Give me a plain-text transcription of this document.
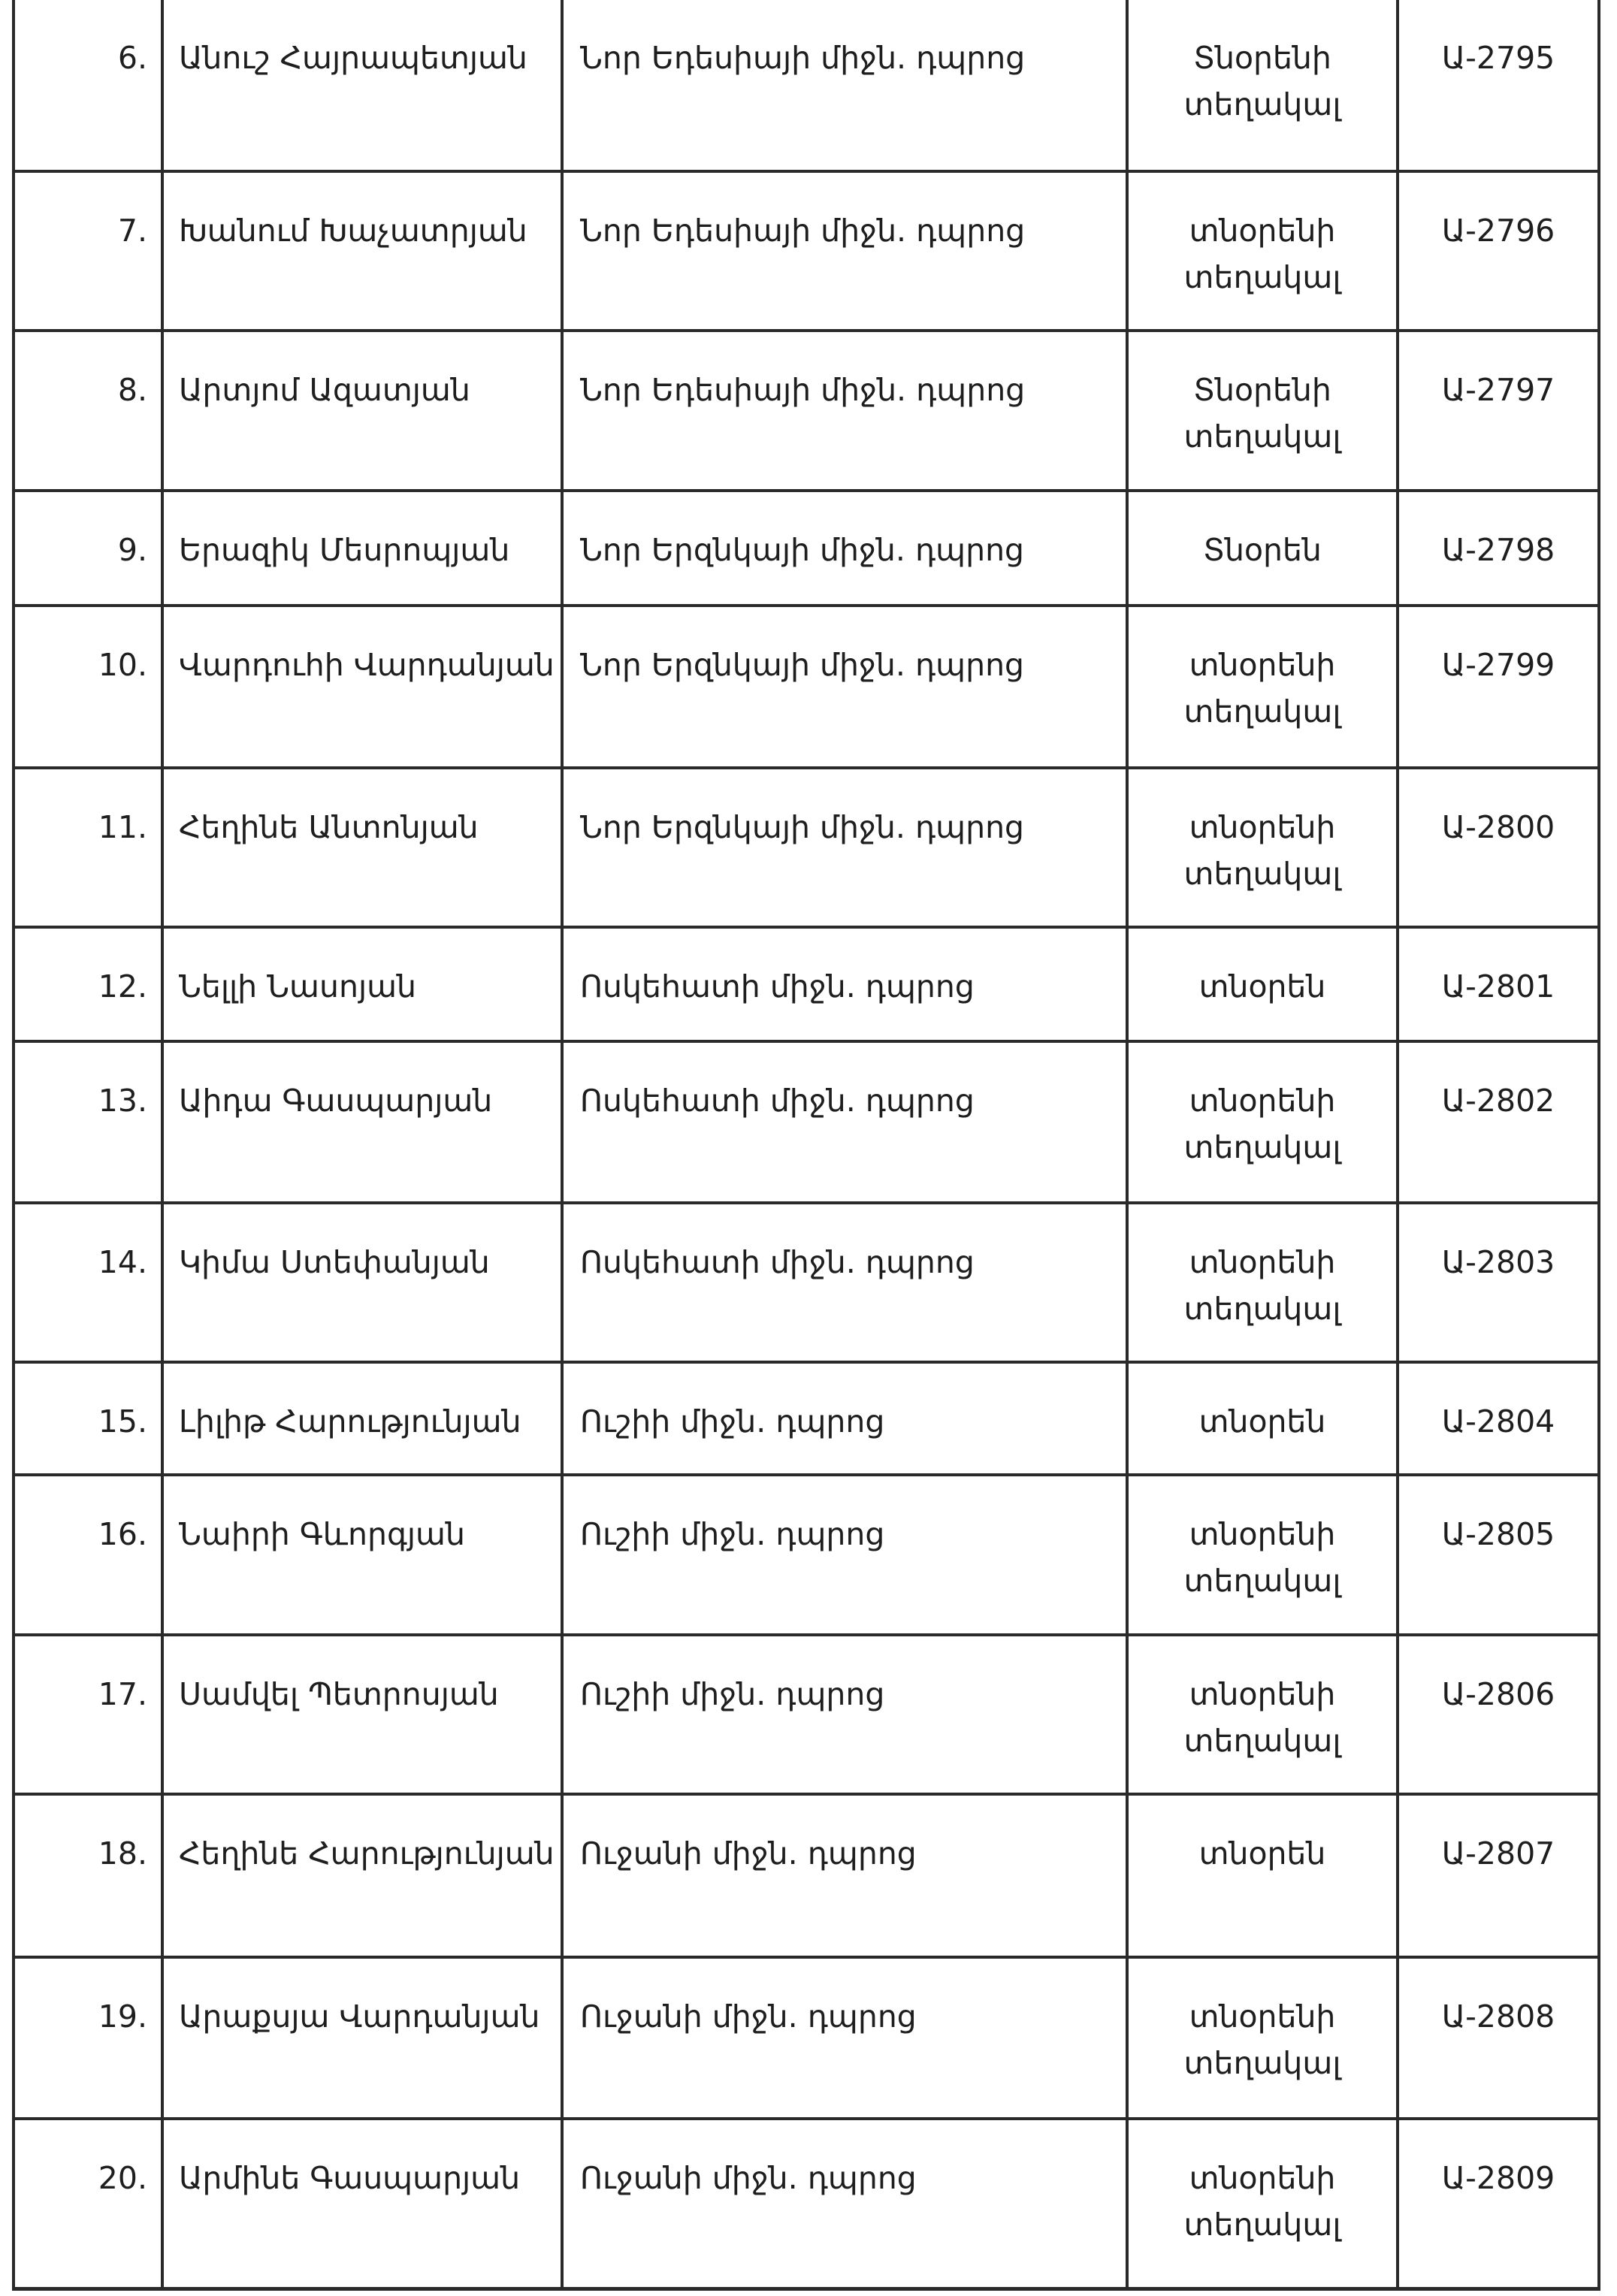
6.	Անուշ Հայրապետյան	Նոր Եդեսիայի միջն. դպրոց	Տնօրենի տեղակալ	Ա-2795
7.	Խանում Խաչատրյան	Նոր Եդեսիայի միջն. դպրոց	տնօրենի տեղակալ	Ա-2796
8.	Արտյոմ Ազատյան	Նոր Եդեսիայի միջն. դպրոց	Տնօրենի տեղակալ	Ա-2797
9.	Երազիկ Մեսրոպյան	Նոր Երզնկայի միջն. դպրոց	Տնօրեն	Ա-2798
10.	Վարդուհի Վարդանյան	Նոր Երզնկայի միջն. դպրոց	տնօրենի տեղակալ	Ա-2799
11.	Հեղինե Անտոնյան	Նոր Երզնկայի միջն. դպրոց	տնօրենի տեղակալ	Ա-2800
12.	Նելլի Նասոյան	Ոսկեհատի միջն. դպրոց	տնօրեն	Ա-2801
13.	Աիդա Գասպարյան	Ոսկեհատի միջն. դպրոց	տնօրենի տեղակալ	Ա-2802
14.	Կիմա Ստեփանյան	Ոսկեհատի միջն. դպրոց	տնօրենի տեղակալ	Ա-2803
15.	Լիլիթ Հարությունյան	Ուշիի միջն. դպրոց	տնօրեն	Ա-2804
16.	Նաիրի Գևորգյան	Ուշիի միջն. դպրոց	տնօրենի տեղակալ	Ա-2805
17.	Սամվել Պետրոսյան	Ուշիի միջն. դպրոց	տնօրենի տեղակալ	Ա-2806
18.	Հեղինե Հարությունյան	Ուջանի միջն. դպրոց	տնօրեն	Ա-2807
19.	Արաքսյա Վարդանյան	Ուջանի միջն. դպրոց	տնօրենի տեղակալ	Ա-2808
20.	Արմինե Գասպարյան	Ուջանի միջն. դպրոց	տնօրենի տեղակալ	Ա-2809
